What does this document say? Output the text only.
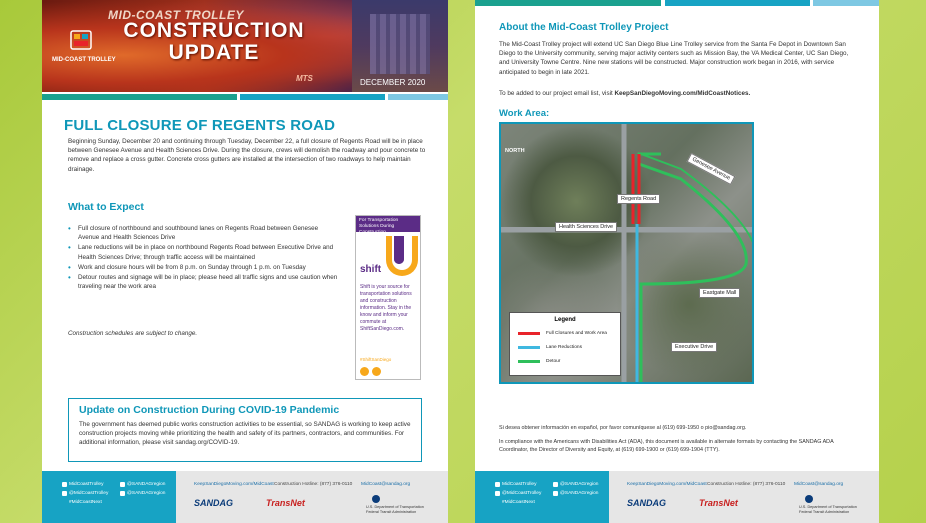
MID-COAST TROLLEY
MID-COAST TROLLEY
CONSTRUCTION
UPDATE
MTS	DECEMBER 2020
FULL CLOSURE OF REGENTS ROAD
Beginning Sunday, December 20 and continuing through Tuesday, December 22, a full closure of Regents Road will be in place between Genesee Avenue and Health Sciences Drive. During the closure, crews will demolish the roadway and pour concrete to remove and replace a cross gutter. Concrete cross gutters are installed at the intersection of two roadways to help maintain drainage.
What to Expect
• Full closure of northbound and southbound lanes on Regents Road between Genesee Avenue and Health Sciences Drive
• Lane reductions will be in place on northbound Regents Road between Executive Drive and Health Sciences Drive; through traffic access will be maintained
• Work and closure hours will be from 8 p.m. on Sunday through 1 p.m. on Tuesday
• Detour routes and signage will be in place; please heed all traffic signs and use caution when traveling near the work area
Construction schedules are subject to change.
For Transportation Solutions During Construction
shift
Shift is your source for transportation solutions and construction information. Stay in the know and inform your commute at ShiftSanDiego.com.
#ShiftSanDiego
Update on Construction During COVID-19 Pandemic
The government has deemed public works construction activities to be essential, so SANDAG is working to keep active construction projects moving while prioritizing the health and safety of its partners, contractors, and communities. For additional information, please visit sandag.org/COVID-19.
MidCoastTrolley
@MidCoastTrolley
#MidCoastNext
@SANDAGregion
@SANDAGregion
KeepSanDiegoMoving.com/MidCoast Construction Hotline: (877) 376-0110 MidCoast@sandag.org
SANDAG	TransNet	U.S. Department of Transportation Federal Transit Administration
About the Mid-Coast Trolley Project
The Mid-Coast Trolley project will extend UC San Diego Blue Line Trolley service from the Santa Fe Depot in Downtown San Diego to the University community, serving major activity centers such as Mission Bay, the VA Medical Center, UC San Diego, and University Towne Centre. Nine new stations will be constructed. Major construction work began in 2016, with service anticipated to begin in late 2021.
To be added to our project email list, visit KeepSanDiegoMoving.com/MidCoastNotices.
Work Area:
NORTH
Genesee Avenue
Regents Road
Health Sciences Drive
Eastgate Mall
Executive Drive
Legend
Full Closures and Work Area
Lane Reductions
Detour
Si desea obtener información en español, por favor comuníquese al (619) 699-1950 o pio@sandag.org.
In compliance with the Americans with Disabilities Act (ADA), this document is available in alternate formats by contacting the SANDAG ADA Coordinator, the Director of Diversity and Equity, at (619) 699-1900 or (619) 699-1904 (TTY).
MidCoastTrolley
@MidCoastTrolley
#MidCoastNext
@SANDAGregion
@SANDAGregion
KeepSanDiegoMoving.com/MidCoast Construction Hotline: (877) 376-0110 MidCoast@sandag.org
SANDAG	TransNet	U.S. Department of Transportation Federal Transit Administration
